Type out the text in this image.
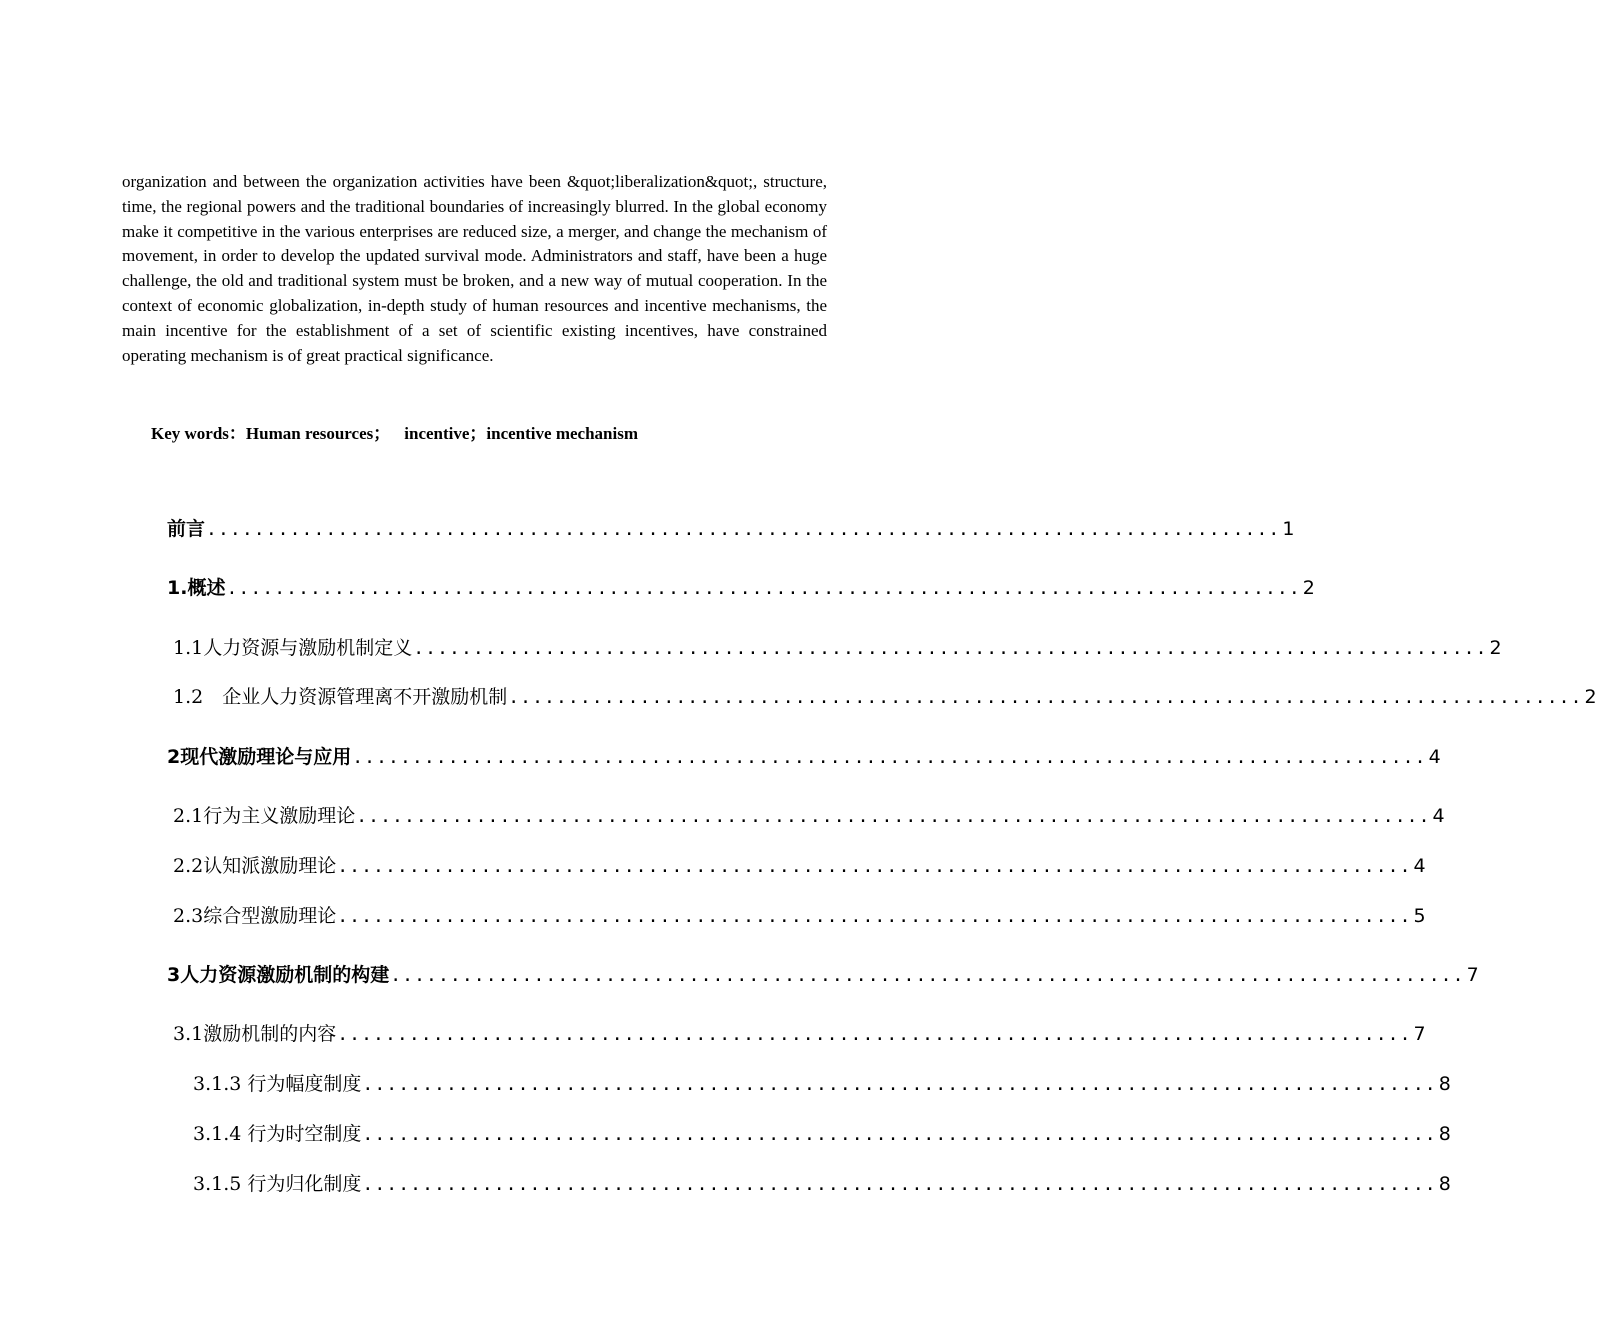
organization and between the organization activities have been &quot;liberalization&quot;, structure, time, the regional powers and the traditional boundaries of increasingly blurred. In the global economy make it competitive in the various enterprises are reduced size, a merger, and change the mechanism of movement, in order to develop the updated survival mode. Administrators and staff, have been a huge challenge, the old and traditional system must be broken, and a new way of mutual cooperation. In the context of economic globalization, in-depth study of human resources and incentive mechanisms, the main incentive for the establishment of a set of scientific existing incentives, have constrained operating mechanism is of great practical significance.

Key words：Human resources； incentive；incentive mechanism
前言 .......................................................................................... 1
1.概述 .......................................................................................... 2
1.1人力资源与激励机制定义 .......................................................................................... 2
1.2　企业人力资源管理离不开激励机制 .......................................................................................... 2
2现代激励理论与应用 .......................................................................................... 4
2.1行为主义激励理论 .......................................................................................... 4
2.2认知派激励理论 .......................................................................................... 4
2.3综合型激励理论 .......................................................................................... 5
3人力资源激励机制的构建 .......................................................................................... 7
3.1激励机制的内容 .......................................................................................... 7
3.1.3 行为幅度制度 .......................................................................................... 8
3.1.4 行为时空制度 .......................................................................................... 8
3.1.5 行为归化制度 .......................................................................................... 8
